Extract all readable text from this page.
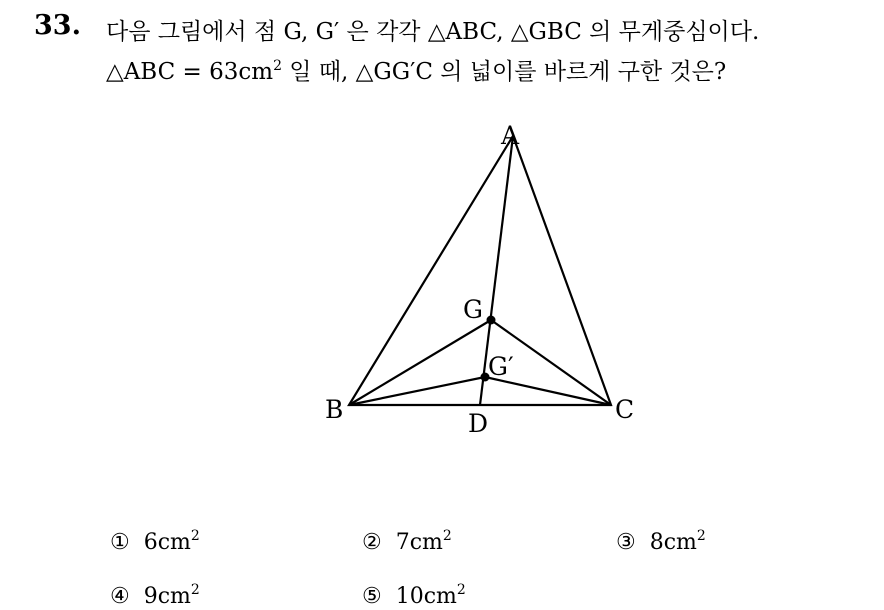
33. 다음 그림에서 점 G, G′ 은 각각 △ABC, △GBC 의 무게중심이다.
△ABC = $63cm^2$ 일 때, △GG′C 의 넓이를 바르게 구한 것은?
A
B	C
D
G
G′
① $6cm^2$	② $7cm^2$	③ $8cm^2$
④ $9cm^2$	⑤ $10cm^2$
